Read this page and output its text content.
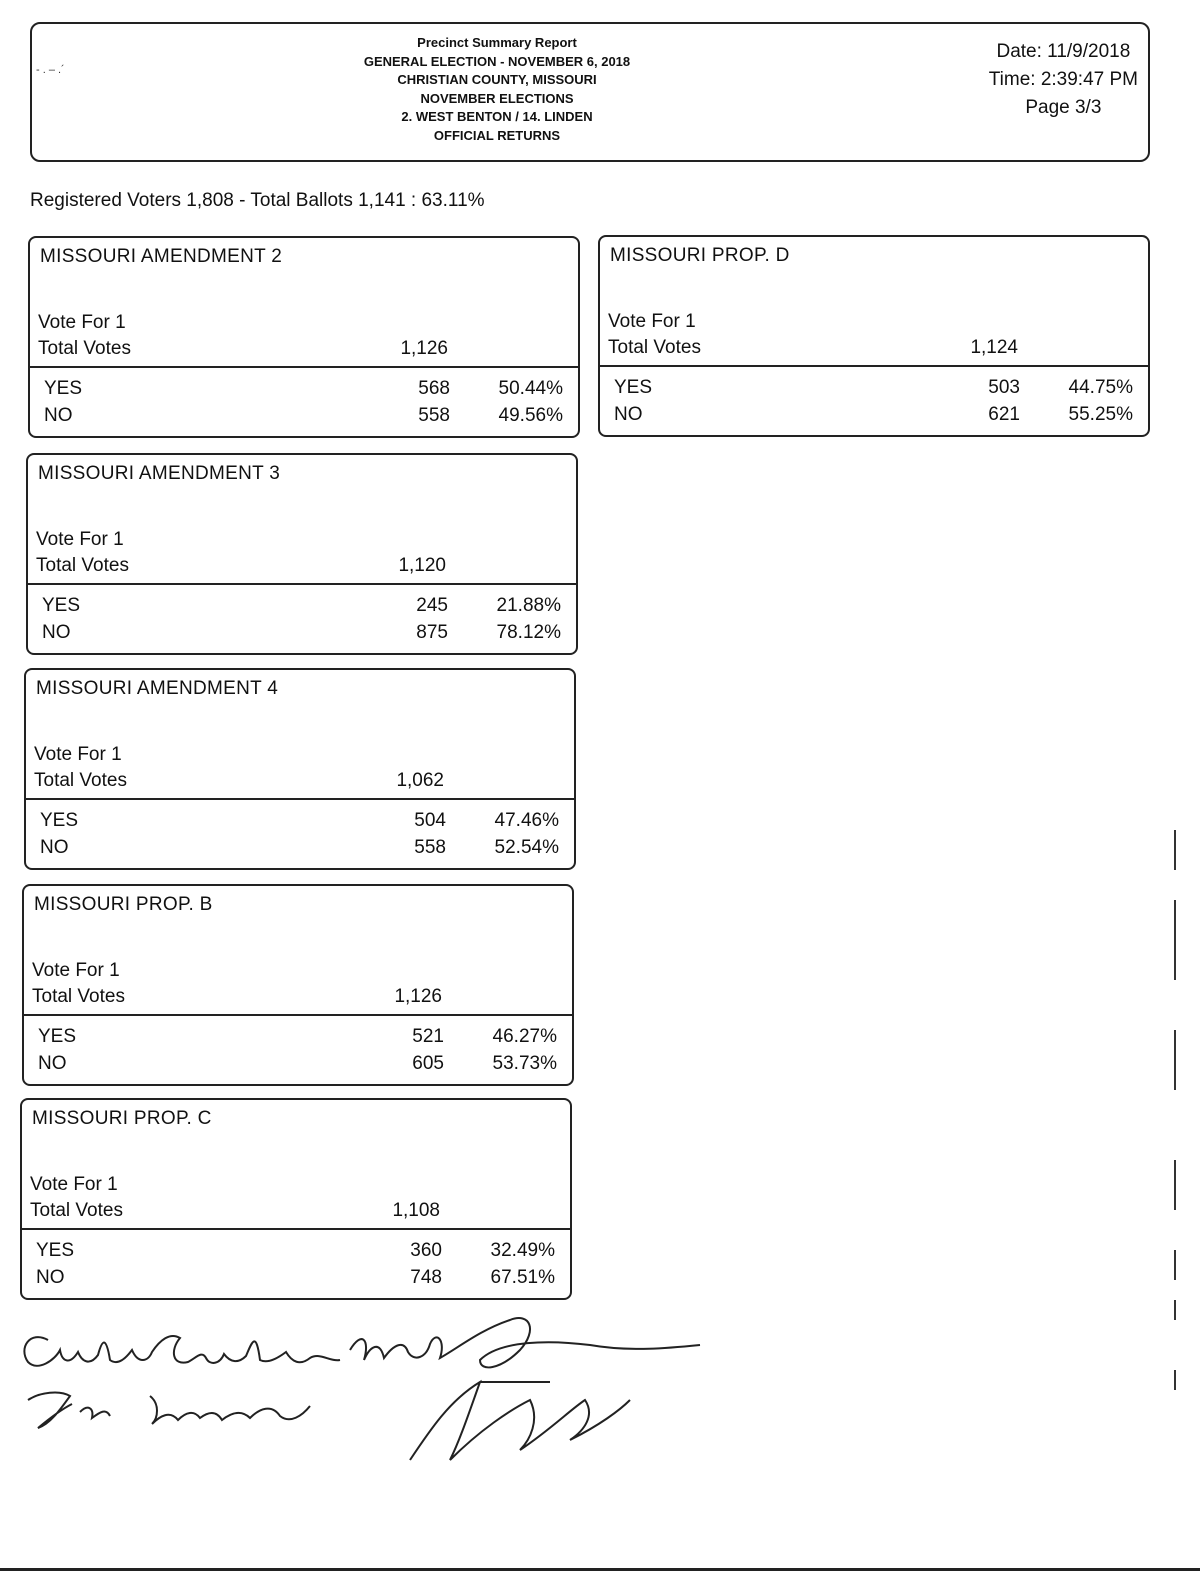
- . – .´
Precinct Summary Report
GENERAL ELECTION - NOVEMBER 6, 2018
CHRISTIAN COUNTY, MISSOURI
NOVEMBER ELECTIONS
2. WEST BENTON / 14. LINDEN
OFFICIAL RETURNS
Date: 11/9/2018
Time: 2:39:47 PM
Page 3/3
Registered Voters 1,808 - Total Ballots 1,141 : 63.11%
MISSOURI AMENDMENT 2
Vote For 1
Total Votes	1,126
YES	568	50.44%
NO	558	49.56%
MISSOURI PROP. D
Vote For 1
Total Votes	1,124
YES	503	44.75%
NO	621	55.25%
MISSOURI AMENDMENT 3
Vote For 1
Total Votes	1,120
YES	245	21.88%
NO	875	78.12%
MISSOURI AMENDMENT 4
Vote For 1
Total Votes	1,062
YES	504	47.46%
NO	558	52.54%
MISSOURI PROP. B
Vote For 1
Total Votes	1,126
YES	521	46.27%
NO	605	53.73%
MISSOURI PROP. C
Vote For 1
Total Votes	1,108
YES	360	32.49%
NO	748	67.51%
